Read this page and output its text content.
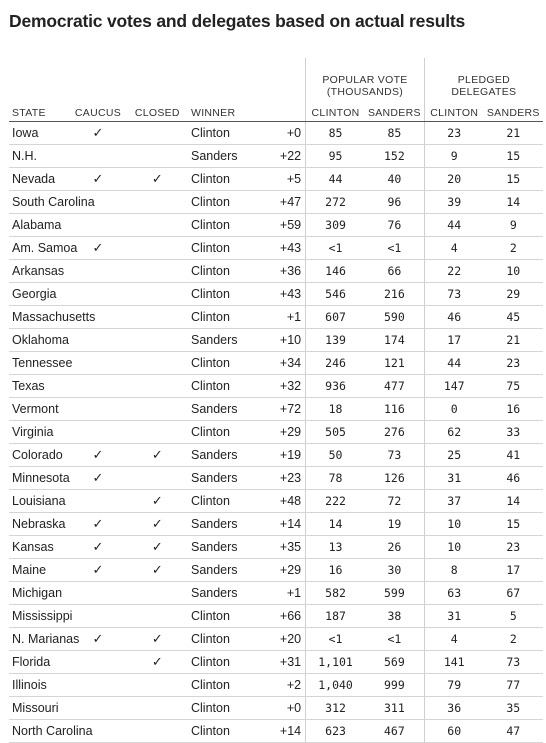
Democratic votes and delegates based on actual results
					POPULAR VOTE
(THOUSANDS)		PLEDGED
DELEGATES	
STATE	CAUCUS	CLOSED	WINNER		CLINTON	SANDERS	CLINTON	SANDERS
Iowa	✓		Clinton	+0	85	85	23	21
N.H.			Sanders	+22	95	152	9	15
Nevada	✓	✓	Clinton	+5	44	40	20	15
South Carolina			Clinton	+47	272	96	39	14
Alabama			Clinton	+59	309	76	44	9
Am. Samoa	✓		Clinton	+43	<1	<1	4	2
Arkansas			Clinton	+36	146	66	22	10
Georgia			Clinton	+43	546	216	73	29
Massachusetts			Clinton	+1	607	590	46	45
Oklahoma			Sanders	+10	139	174	17	21
Tennessee			Clinton	+34	246	121	44	23
Texas			Clinton	+32	936	477	147	75
Vermont			Sanders	+72	18	116	0	16
Virginia			Clinton	+29	505	276	62	33
Colorado	✓	✓	Sanders	+19	50	73	25	41
Minnesota	✓		Sanders	+23	78	126	31	46
Louisiana		✓	Clinton	+48	222	72	37	14
Nebraska	✓	✓	Sanders	+14	14	19	10	15
Kansas	✓	✓	Sanders	+35	13	26	10	23
Maine	✓	✓	Sanders	+29	16	30	8	17
Michigan			Sanders	+1	582	599	63	67
Mississippi			Clinton	+66	187	38	31	5
N. Marianas	✓	✓	Clinton	+20	<1	<1	4	2
Florida		✓	Clinton	+31	1,101	569	141	73
Illinois			Clinton	+2	1,040	999	79	77
Missouri			Clinton	+0	312	311	36	35
North Carolina			Clinton	+14	623	467	60	47
